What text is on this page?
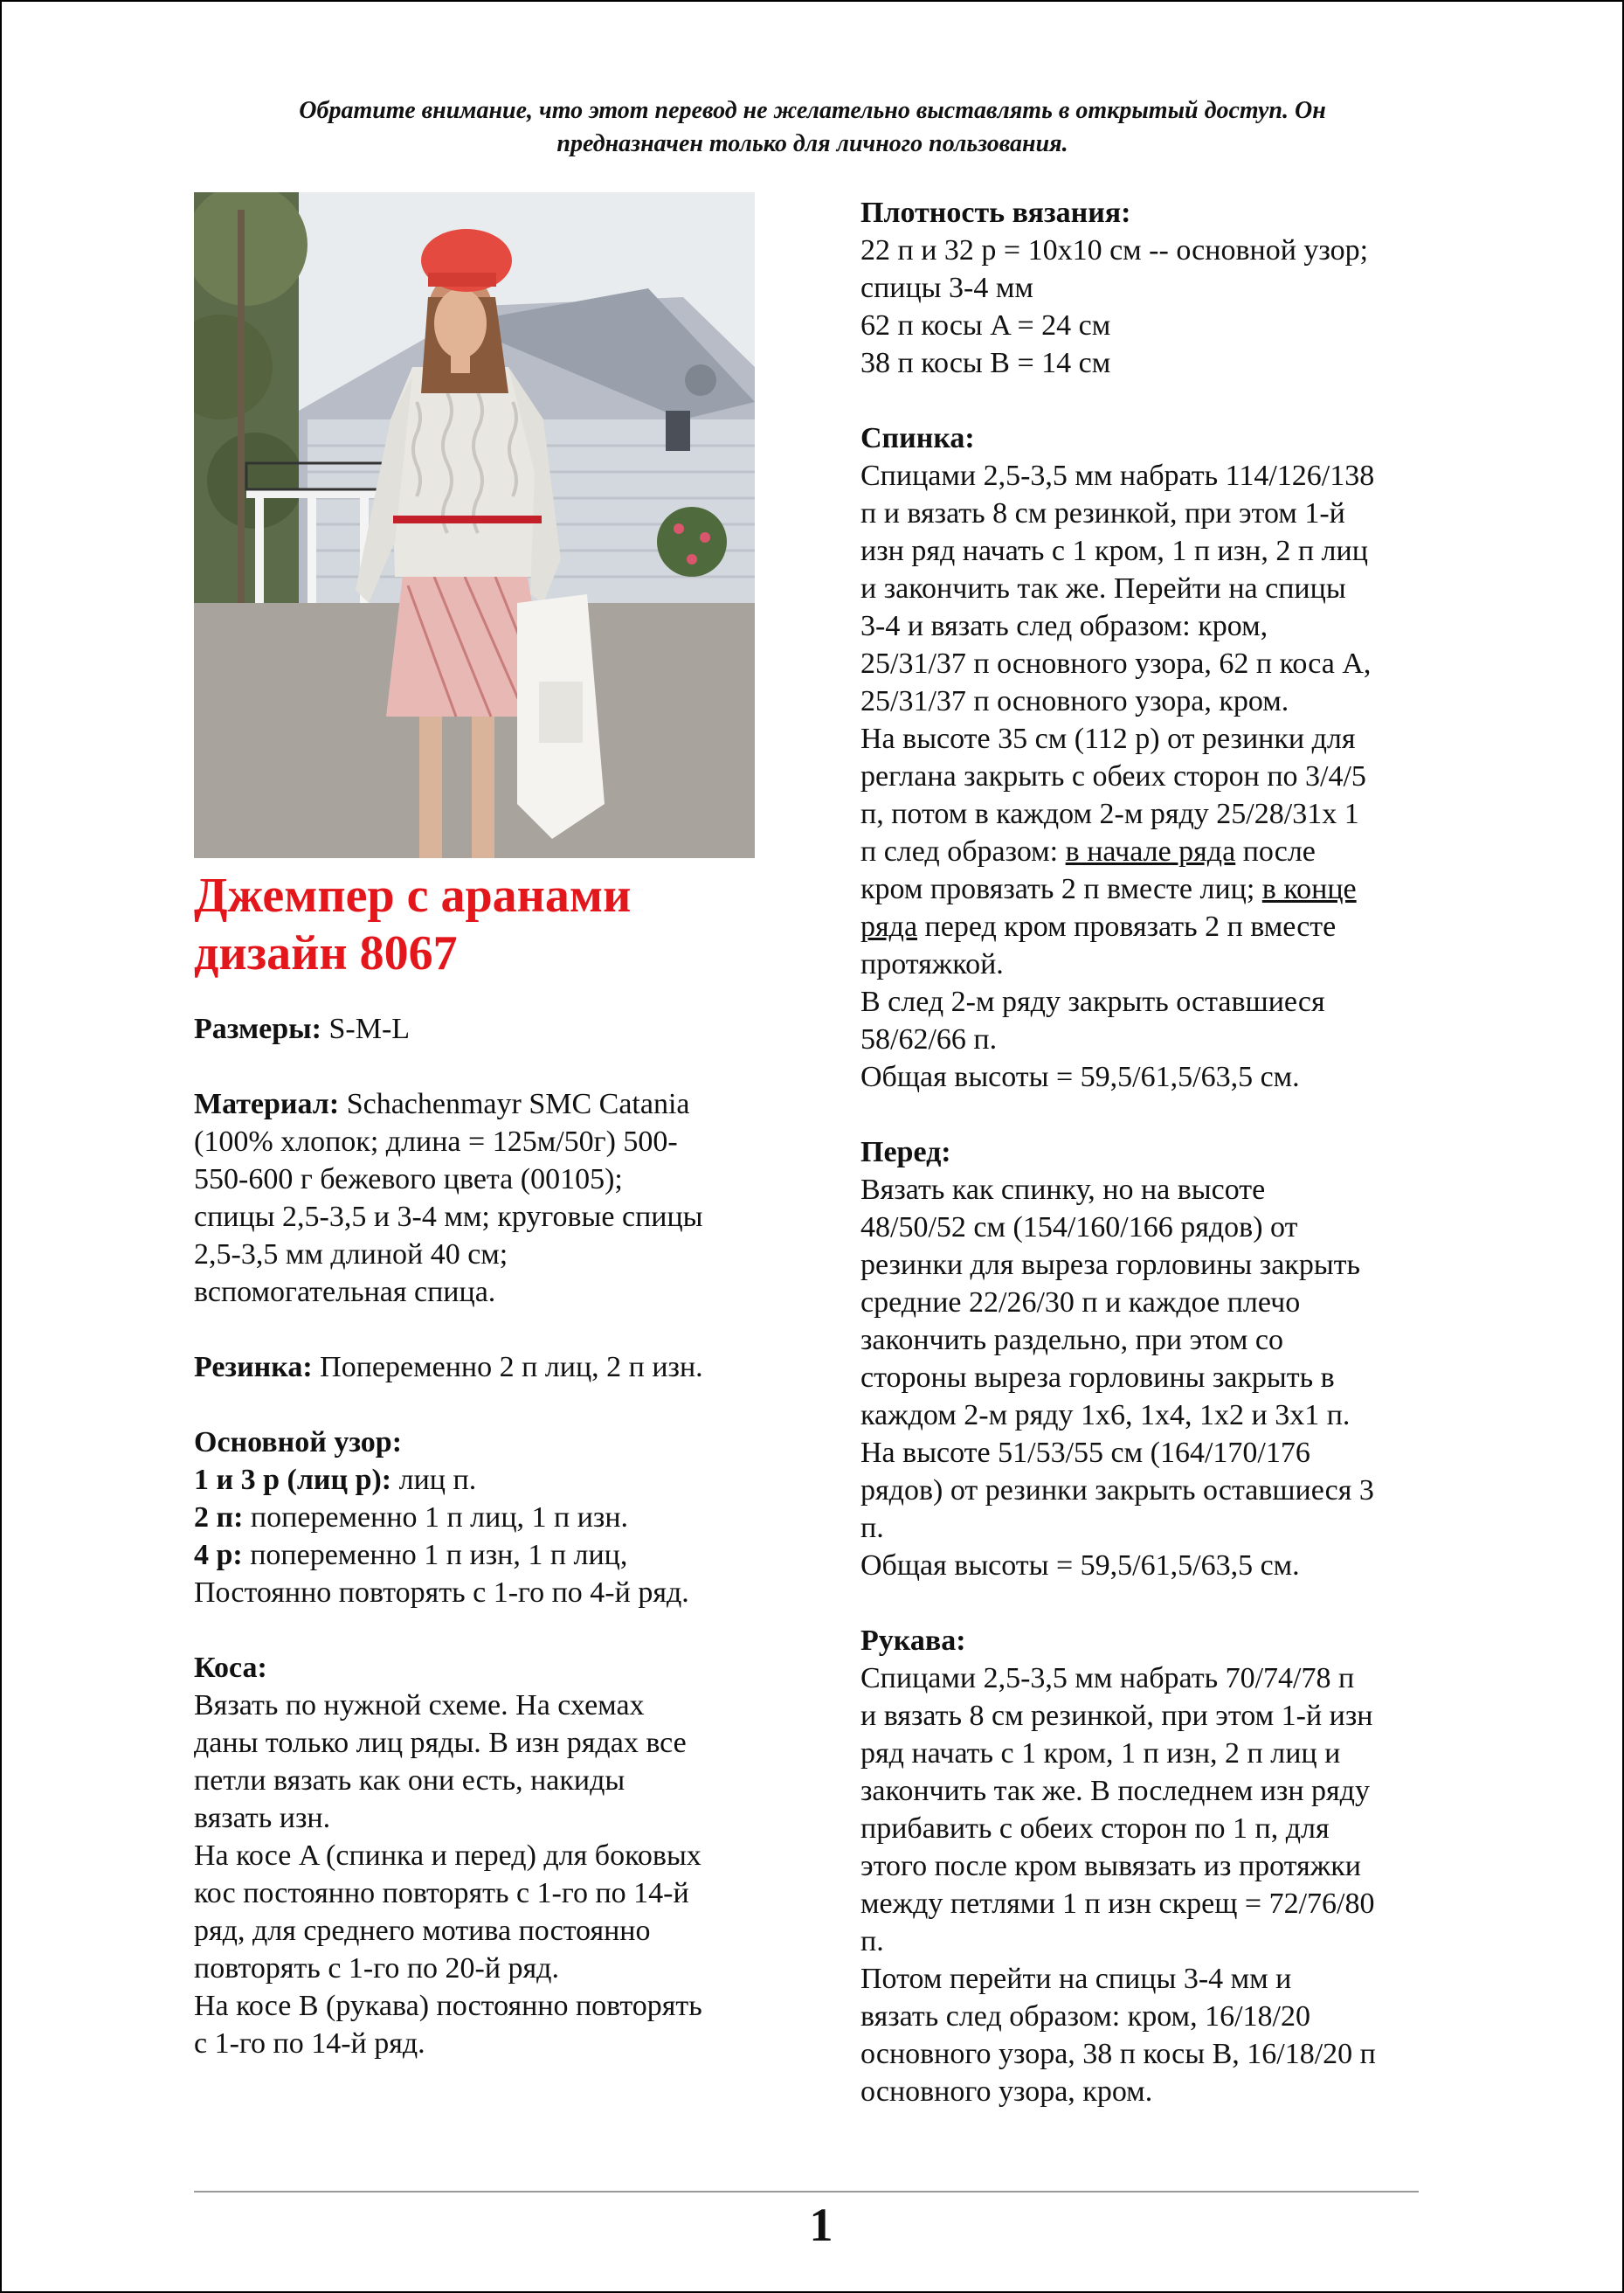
Обратите внимание, что этот перевод не желательно выставлять в открытый доступ. Он
предназначен только для личного пользования.
Джемпер с аранами
дизайн 8067
Размеры: S-M-L
Материал: Schachenmayr SMC Catania
(100% хлопок; длина = 125м/50г) 500-
550-600 г бежевого цвета (00105);
спицы 2,5-3,5 и 3-4 мм; круговые спицы
2,5-3,5 мм длиной 40 см;
вспомогательная спица.
Резинка: Попеременно 2 п лиц, 2 п изн.
Основной узор:
1 и 3 р (лиц р): лиц п.
2 п: попеременно 1 п лиц, 1 п изн.
4 р: попеременно 1 п изн, 1 п лиц,
Постоянно повторять с 1-го по 4-й ряд.
Коса:
Вязать по нужной схеме. На схемах
даны только лиц ряды. В изн рядах все
петли вязать как они есть, накиды
вязать изн.
На косе A (спинка и перед) для боковых
кос постоянно повторять с 1-го по 14-й
ряд, для среднего мотива постоянно
повторять с 1-го по 20-й ряд.
На косе B (рукава) постоянно повторять
с 1-го по 14-й ряд.
Плотность вязания:
22 п и 32 р = 10х10 см -- основной узор;
спицы 3-4 мм
62 п косы A = 24 см
38 п косы B = 14 см
Спинка:
Спицами 2,5-3,5 мм набрать 114/126/138
п и вязать 8 см резинкой, при этом 1-й
изн ряд начать с 1 кром, 1 п изн, 2 п лиц
и закончить так же. Перейти на спицы
3-4 и вязать след образом: кром,
25/31/37 п основного узора, 62 п коса A,
25/31/37 п основного узора, кром.
На высоте 35 см (112 р) от резинки для
реглана закрыть с обеих сторон по 3/4/5
п, потом в каждом 2-м ряду 25/28/31х 1
п след образом: в начале ряда после
кром провязать 2 п вместе лиц; в конце
ряда перед кром провязать 2 п вместе
протяжкой.
В след 2-м ряду закрыть оставшиеся
58/62/66 п.
Общая высоты = 59,5/61,5/63,5 см.
Перед:
Вязать как спинку, но на высоте
48/50/52 см (154/160/166 рядов) от
резинки для выреза горловины закрыть
средние 22/26/30 п и каждое плечо
закончить раздельно, при этом со
стороны выреза горловины закрыть в
каждом 2-м ряду 1х6, 1х4, 1х2 и 3х1 п.
На высоте 51/53/55 см (164/170/176
рядов) от резинки закрыть оставшиеся 3
п.
Общая высоты = 59,5/61,5/63,5 см.
Рукава:
Спицами 2,5-3,5 мм набрать 70/74/78 п
и вязать 8 см резинкой, при этом 1-й изн
ряд начать с 1 кром, 1 п изн, 2 п лиц и
закончить так же. В последнем изн ряду
прибавить с обеих сторон по 1 п, для
этого после кром вывязать из протяжки
между петлями 1 п изн скрещ = 72/76/80
п.
Потом перейти на спицы 3-4 мм и
вязать след образом: кром, 16/18/20
основного узора, 38 п косы B, 16/18/20 п
основного узора, кром.
1
